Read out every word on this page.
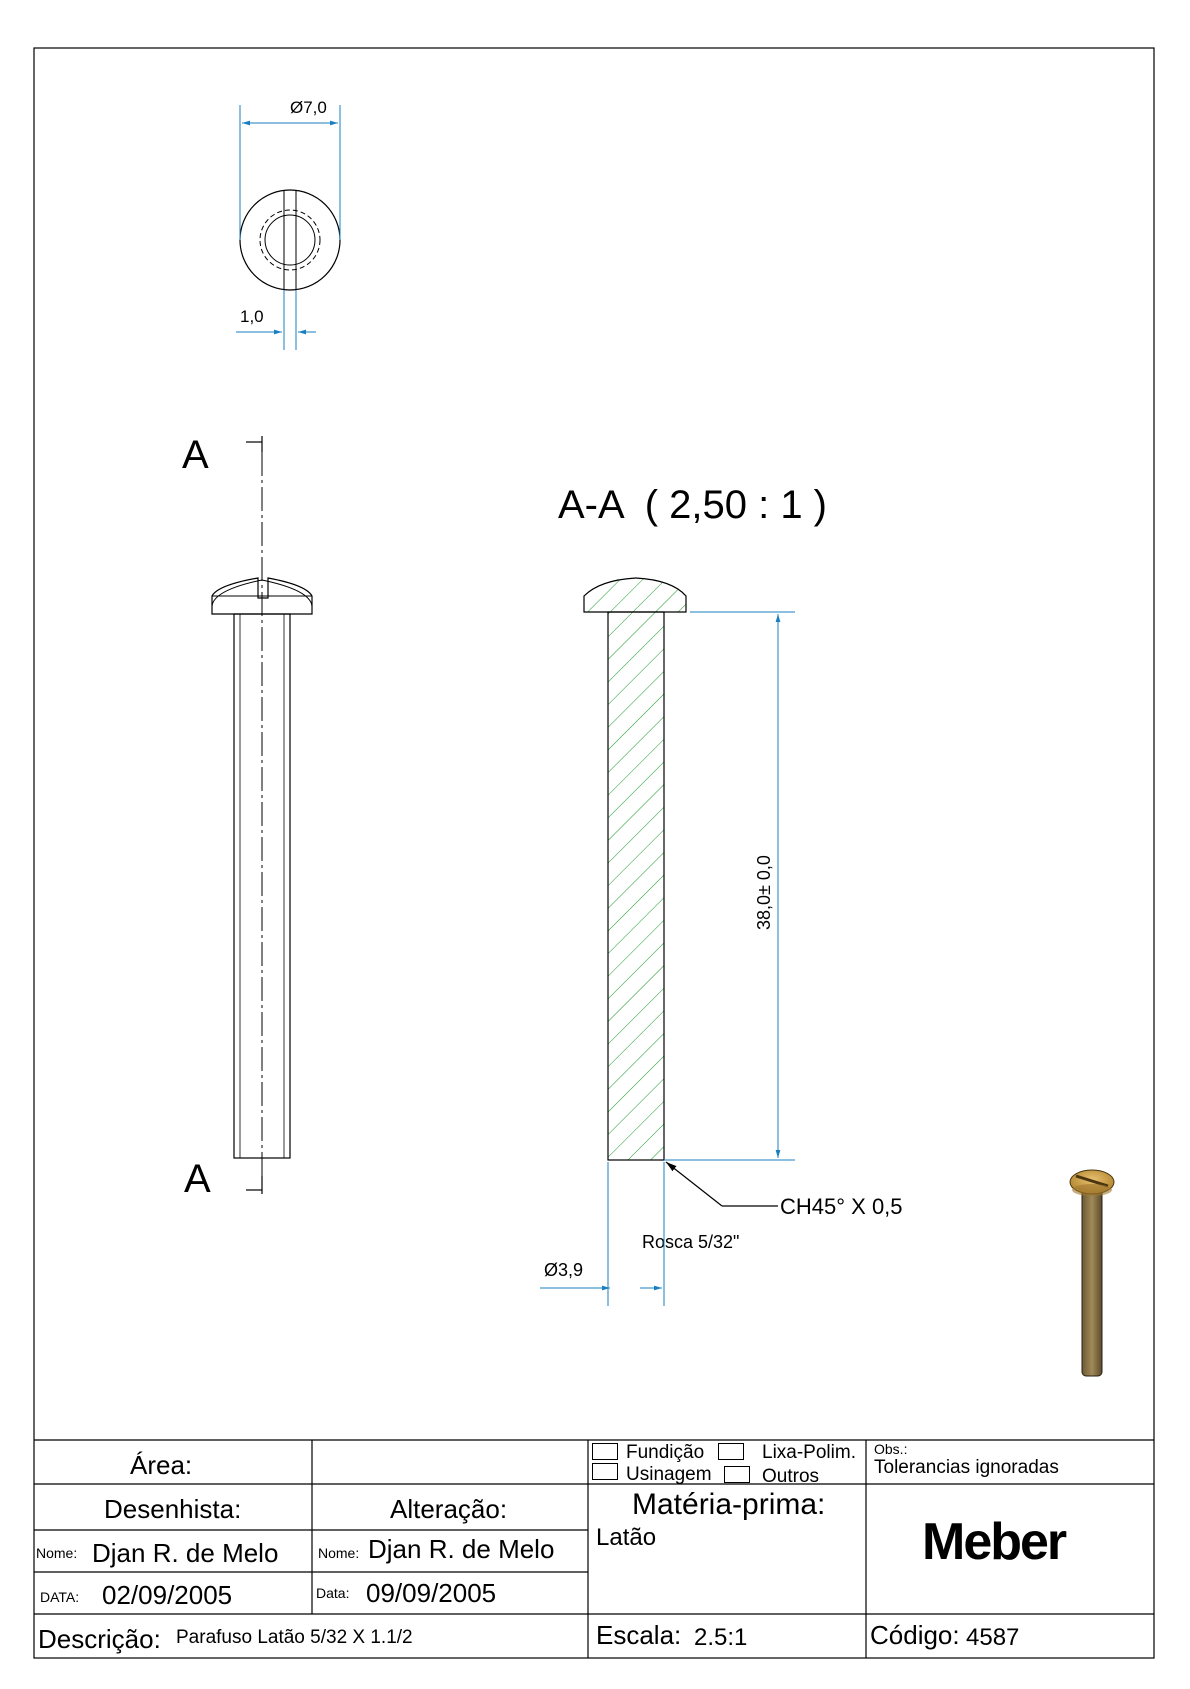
Ø7,0
1,0
A
A
A-A  ( 2,50 : 1 )
38,0± 0,0
CH45° X 0,5
Rosca 5/32"
Ø3,9
Área:	Fundição	Lixa-Polim.
Usinagem	Outros
Obs.:
Tolerancias ignoradas
Desenhista:	Alteração:	Matéria-prima:
Latão
Nome: Djan R. de Melo	Nome: Djan R. de Melo
DATA: 02/09/2005	Data: 09/09/2005
Descrição: Parafuso Latão 5/32 X 1.1/2	Escala: 2.5:1	Código: 4587
Meber
